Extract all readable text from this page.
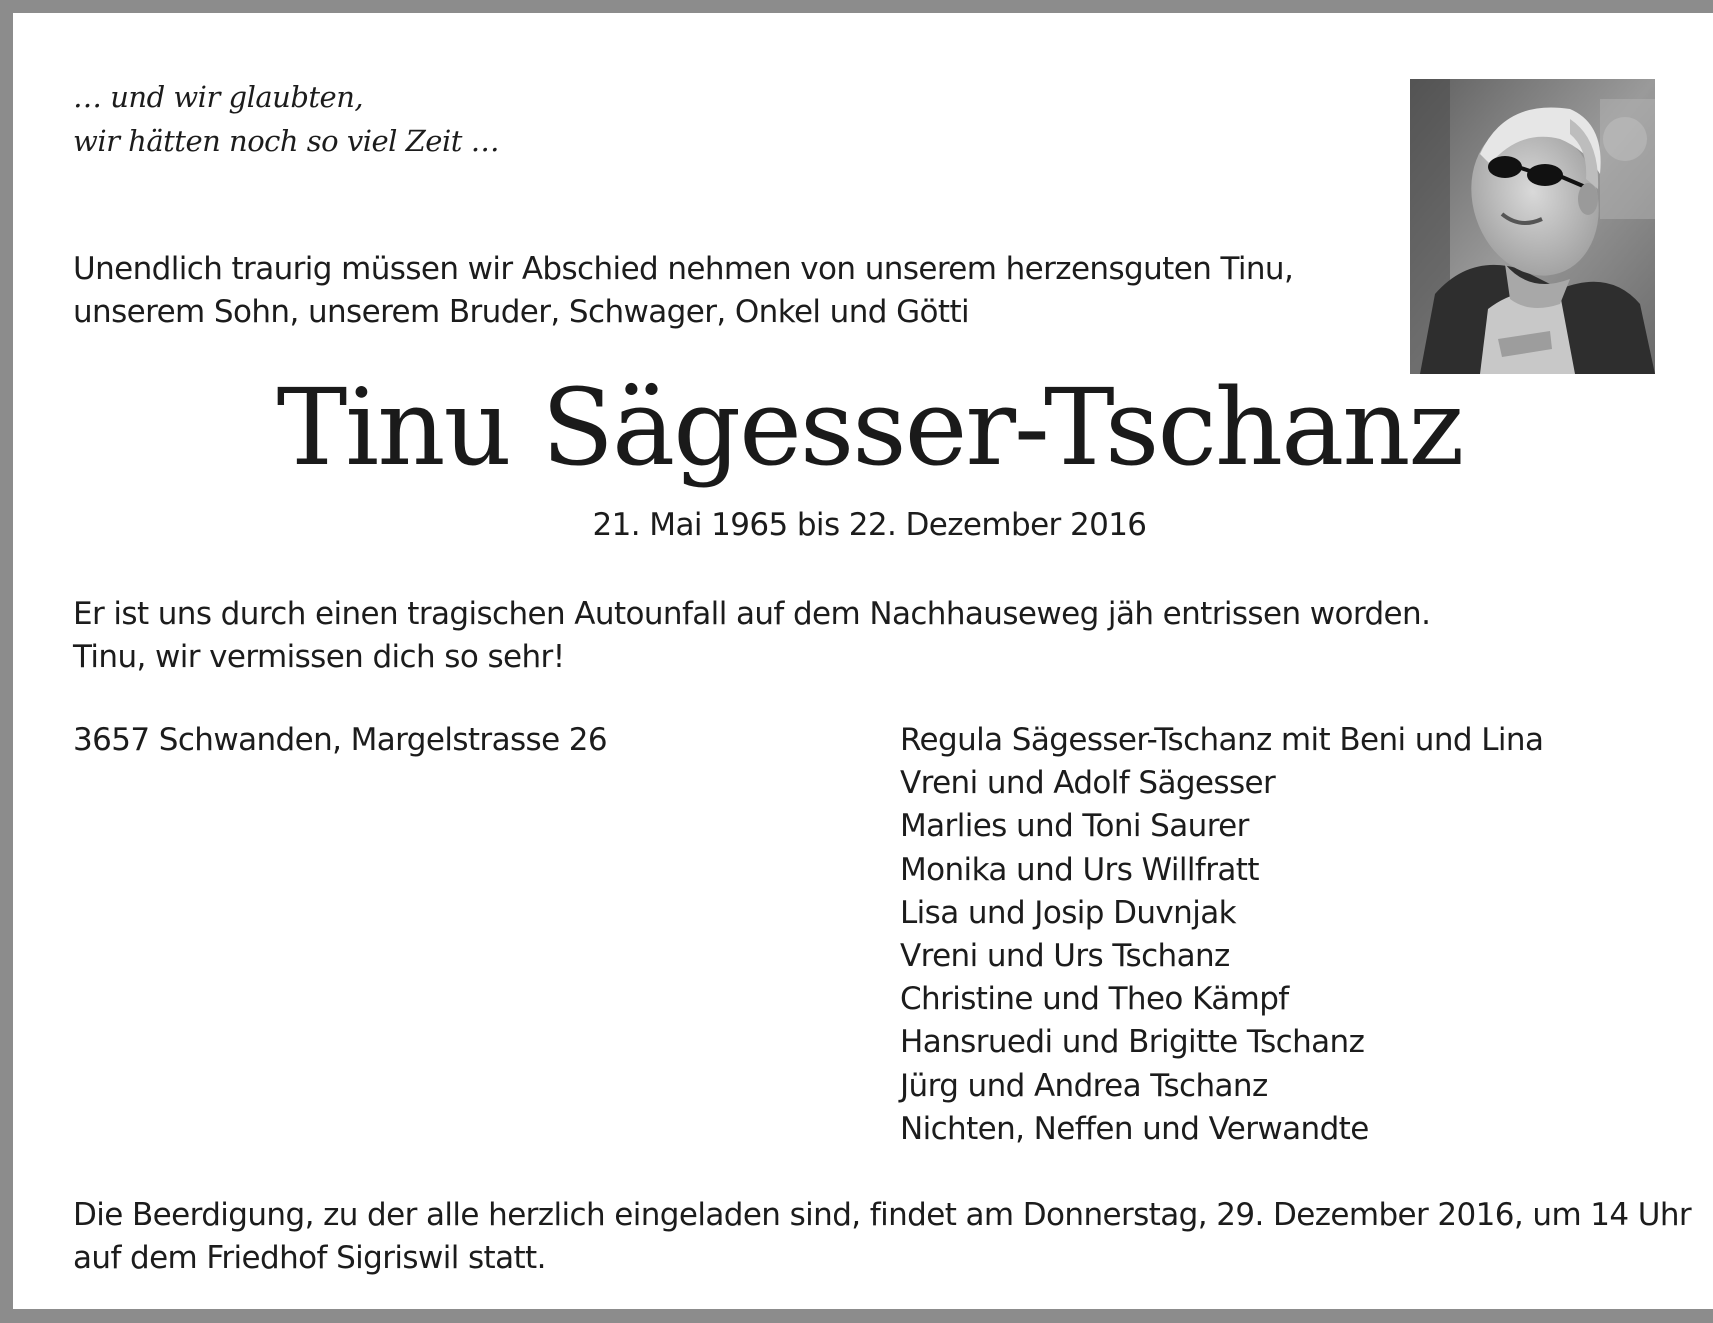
… und wir glaubten,
wir hätten noch so viel Zeit …
Unendlich traurig müssen wir Abschied nehmen von unserem herzensguten Tinu,
unserem Sohn, unserem Bruder, Schwager, Onkel und Götti
Tinu Sägesser-Tschanz
21. Mai 1965 bis 22. Dezember 2016
Er ist uns durch einen tragischen Autounfall auf dem Nachhauseweg jäh entrissen worden.
Tinu, wir vermissen dich so sehr!
3657 Schwanden, Margelstrasse 26	Regula Sägesser-Tschanz mit Beni und Lina
Vreni und Adolf Sägesser
Marlies und Toni Saurer
Monika und Urs Willfratt
Lisa und Josip Duvnjak
Vreni und Urs Tschanz
Christine und Theo Kämpf
Hansruedi und Brigitte Tschanz
Jürg und Andrea Tschanz
Nichten, Neffen und Verwandte
Die Beerdigung, zu der alle herzlich eingeladen sind, findet am Donnerstag, 29. Dezember 2016, um 14 Uhr
auf dem Friedhof Sigriswil statt.
